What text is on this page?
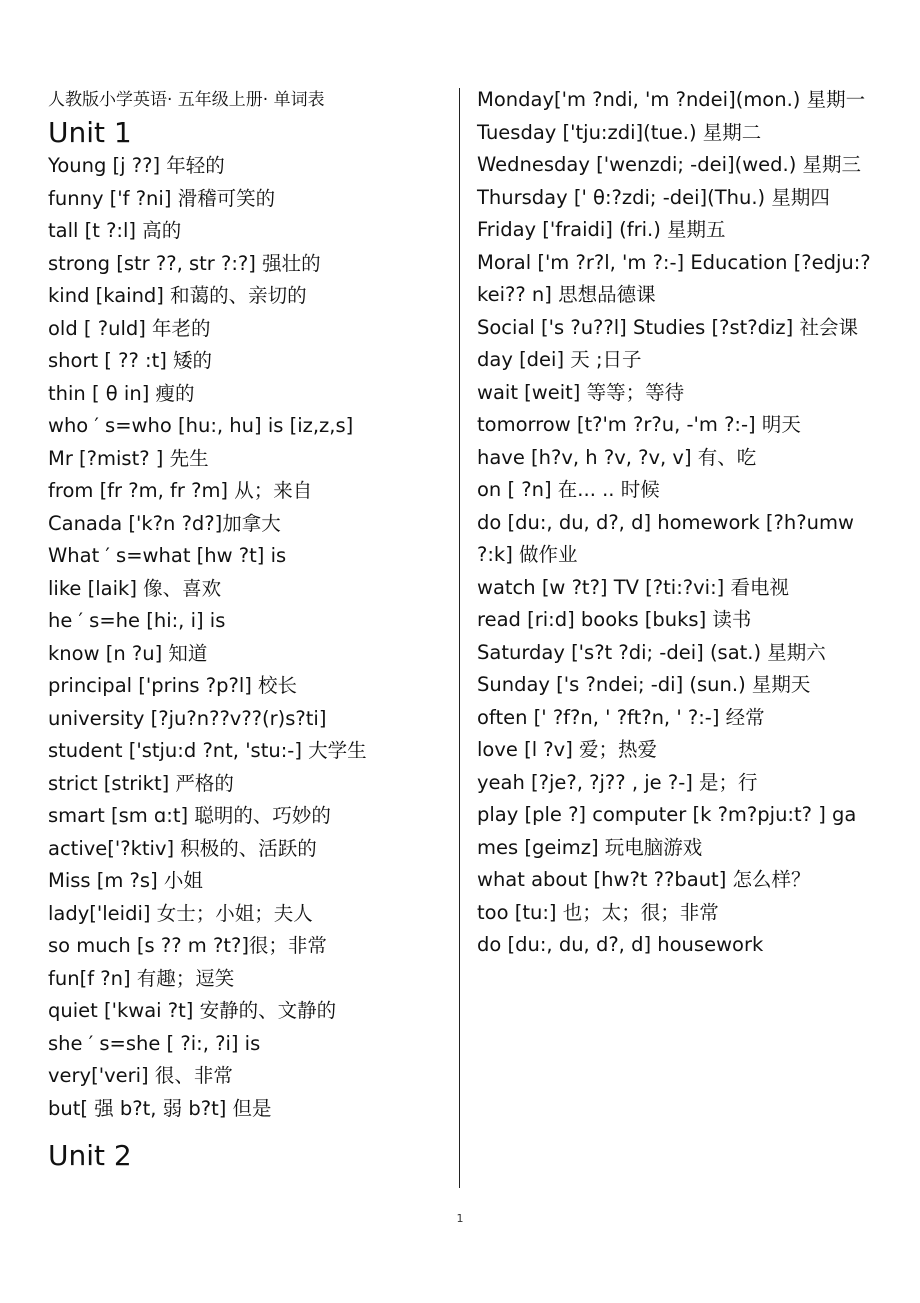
人教版小学英语· 五年级上册· 单词表
Unit 1
Young [j ??] 年轻的
funny ['f ?ni] 滑稽可笑的
tall [t ?:l] 高的
strong [str ??, str ?:?] 强壮的
kind [kaind] 和蔼的、亲切的
old [ ?uld] 年老的
short [ ?? :t] 矮的
thin [ θ in] 瘦的
who ′ s=who [hu:, hu] is [iz,z,s]
Mr [?mist? ] 先生
from [fr ?m, fr ?m] 从；来自
Canada ['k?n ?d?]加拿大
What ′ s=what [hw ?t] is
like [laik] 像、喜欢
he ′ s=he [hi:, i] is
know [n ?u] 知道
principal ['prins ?p?l] 校长
university [?ju?n??v??(r)s?ti]
student ['stju:d ?nt, 'stu:-] 大学生
strict [strikt] 严格的
smart [sm ɑ:t] 聪明的、巧妙的
active['?ktiv] 积极的、活跃的
Miss [m ?s] 小姐
lady['leidi] 女士；小姐；夫人
so much [s ?? m ?t?]很；非常
fun[f ?n] 有趣；逗笑
quiet ['kwai ?t] 安静的、文静的
she ′ s=she [ ?i:, ?i] is
very['veri] 很、非常
but[ 强 b?t, 弱 b?t] 但是
Unit 2
Monday['m ?ndi, 'm ?ndei](mon.) 星期一
Tuesday ['tju:zdi](tue.) 星期二
Wednesday ['wenzdi; -dei](wed.) 星期三
Thursday [' θ:?zdi; -dei](Thu.) 星期四
Friday ['fraidi] (fri.) 星期五
Moral ['m ?r?l, 'm ?:-] Education [?edju:?kei?? n] 思想品德课
Social ['s ?u??l] Studies [?st?diz] 社会课
day [dei] 天 ;日子
wait [weit] 等等；等待
tomorrow [t?'m ?r?u, -'m ?:-] 明天
have [h?v, h ?v, ?v, v] 有、吃
on [ ?n] 在... .. 时候
do [du:, du, d?, d] homework [?h?umw ?:k] 做作业
watch [w ?t?] TV [?ti:?vi:] 看电视
read [ri:d] books [buks] 读书
Saturday ['s?t ?di; -dei] (sat.) 星期六
Sunday ['s ?ndei; -di] (sun.) 星期天
often [' ?f?n, ' ?ft?n, ' ?:-] 经常
love [l ?v] 爱；热爱
yeah [?je?, ?j?? , je ?-] 是；行
play [ple ?] computer [k ?m?pju:t? ] games [geimz] 玩电脑游戏
what about [hw?t ??baut] 怎么样？
too [tu:] 也；太；很；非常
do [du:, du, d?, d] housework
1
